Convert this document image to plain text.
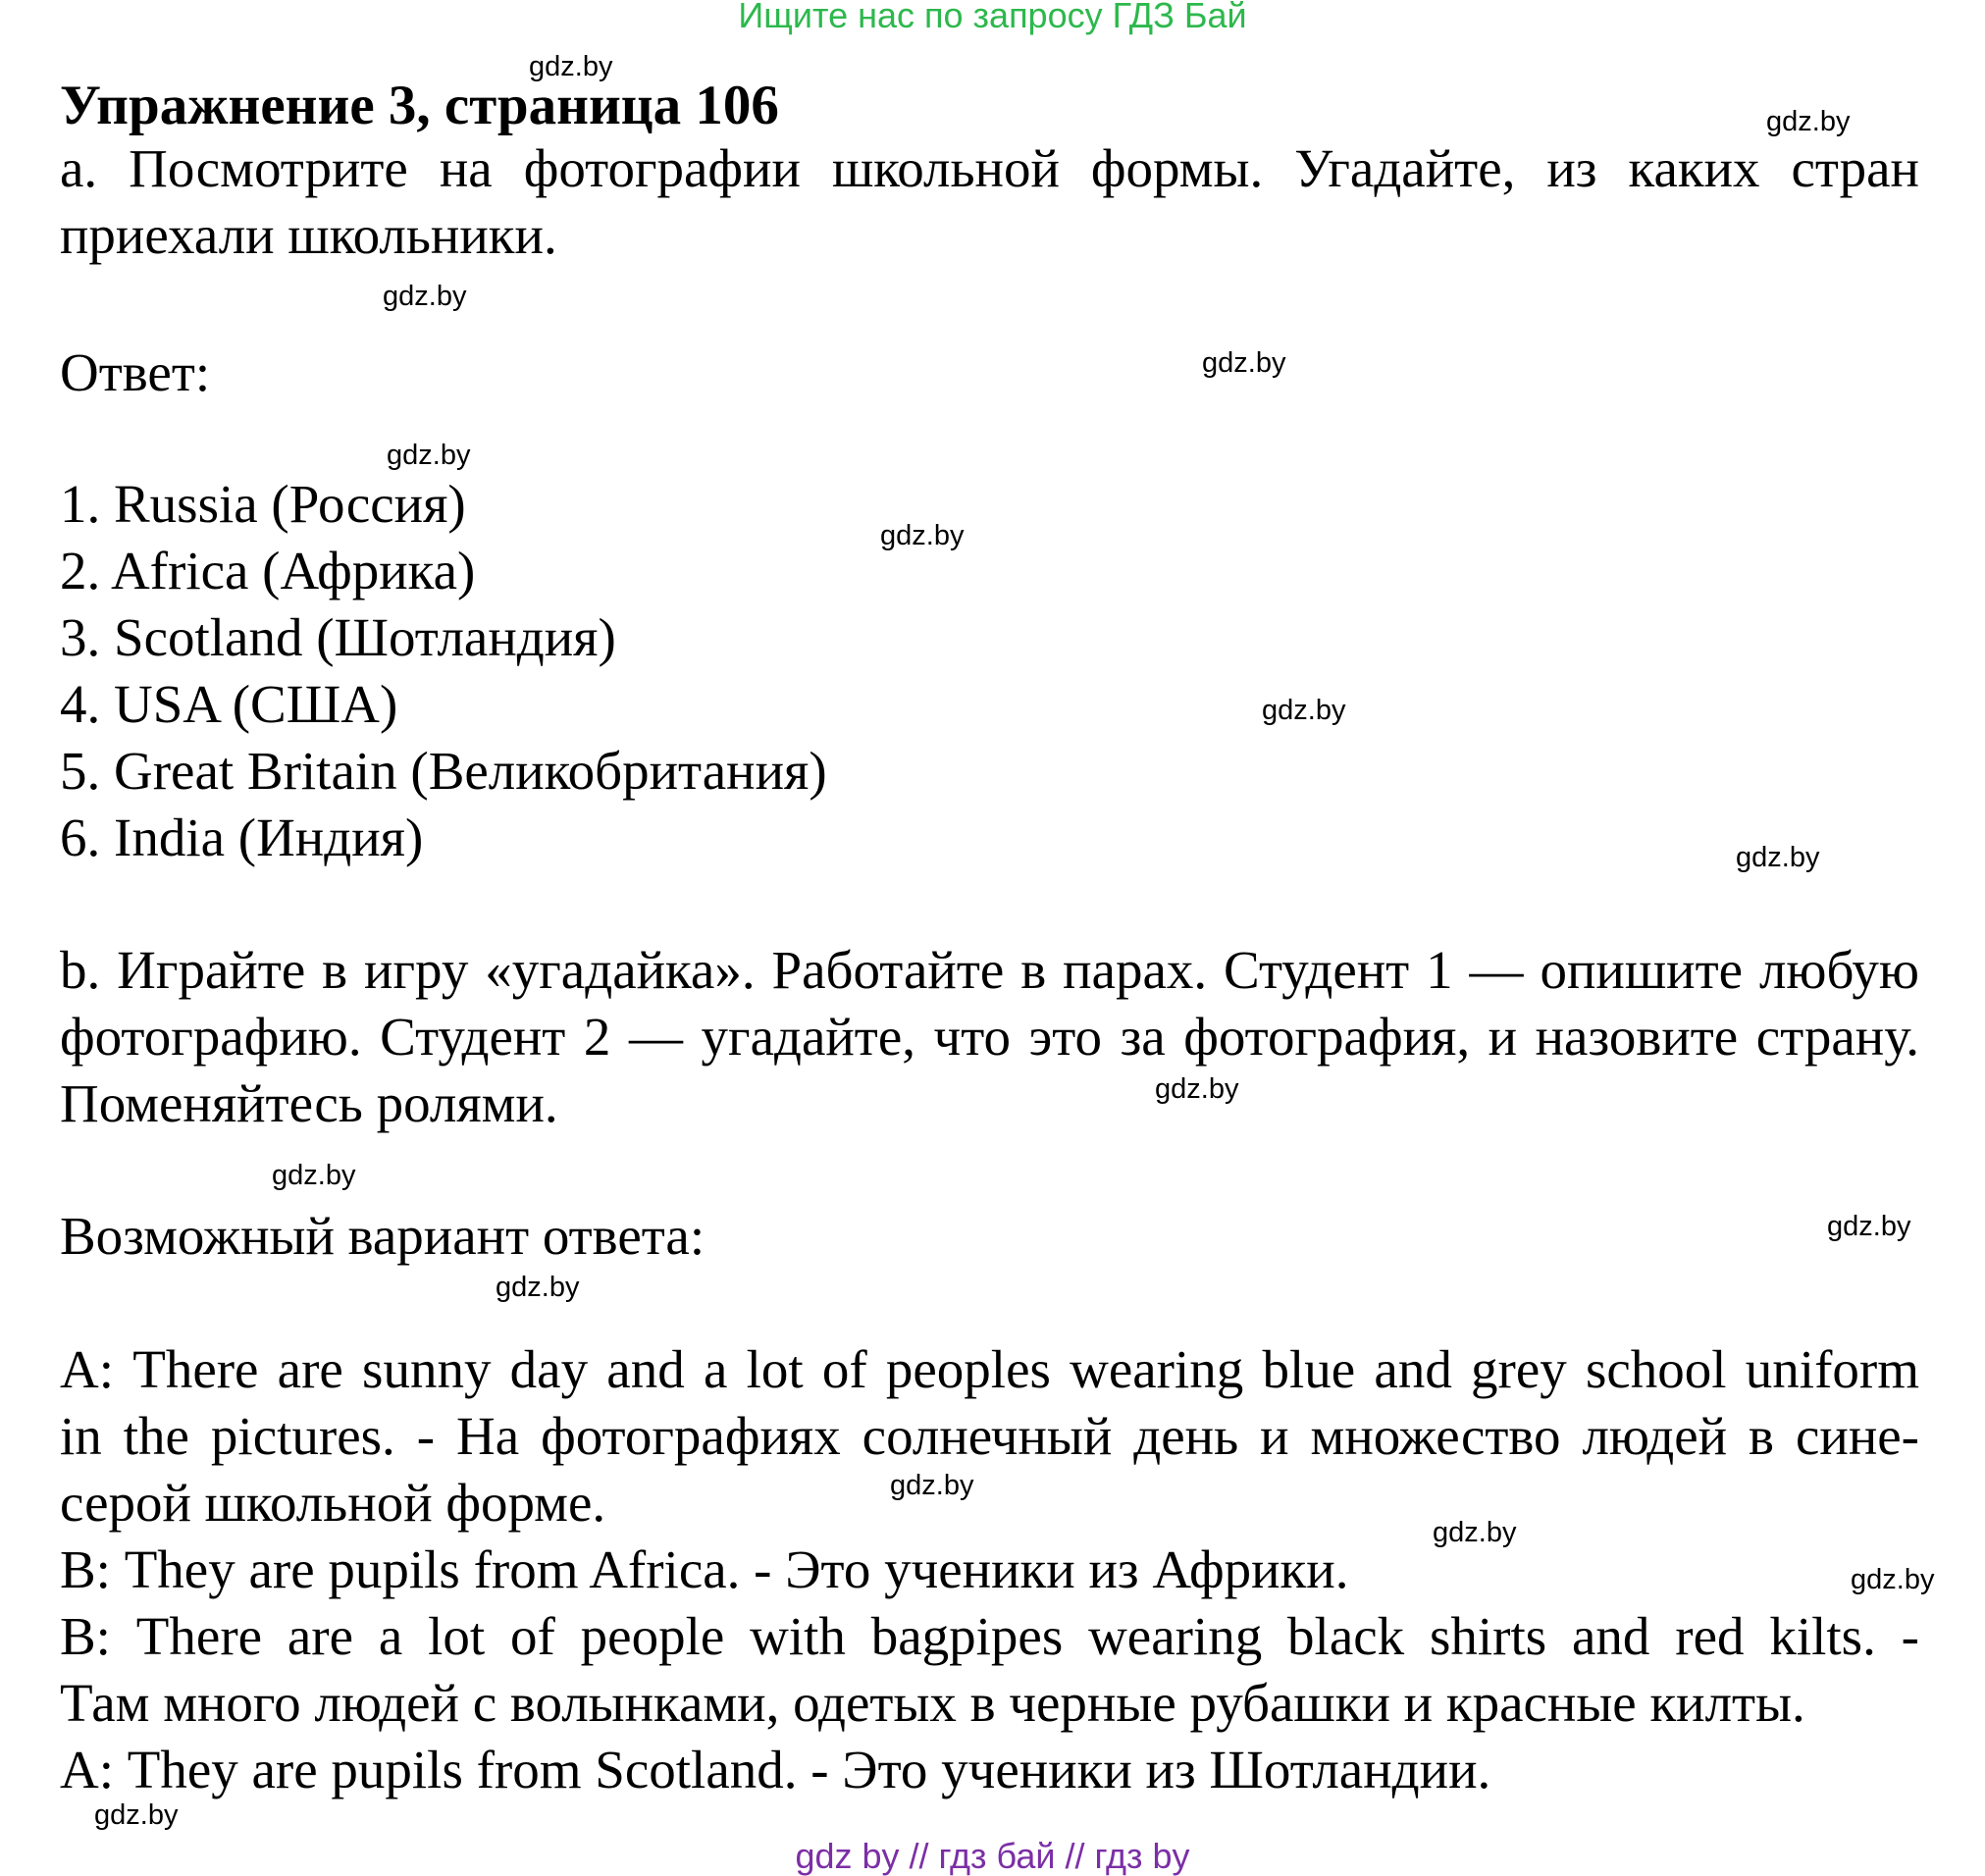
Ищите нас по запросу ГДЗ Бай
Упражнение 3, страница 106
а. Посмотрите на фотографии школьной формы. Угадайте, из каких стран приехали школьники.
Ответ:
1. Russia (Россия)
2. Africa (Африка)
3. Scotland (Шотландия)
4. USA (США)
5. Great Britain (Великобритания)
6. India (Индия)
b. Играйте в игру «угадайка». Работайте в парах. Студент 1 — опишите любую фотографию. Студент 2 — угадайте, что это за фотография, и назовите страну. Поменяйтесь ролями.
Возможный вариант ответа:
А: There are sunny day and a lot of peoples wearing blue and grey school uniform
in the pictures. - На фотографиях солнечный день и множество людей в сине-
серой школьной форме.
В: They are pupils from Africa. - Это ученики из Африки.
В: There are a lot of people with bagpipes wearing black shirts and red kilts. -
Там много людей с волынками, одетых в черные рубашки и красные килты.
А: They are pupils from Scotland. - Это ученики из Шотландии.
gdz.by
gdz.by
gdz.by
gdz.by
gdz.by
gdz.by
gdz.by
gdz.by
gdz.by
gdz.by
gdz.by
gdz.by
gdz.by
gdz.by
gdz.by
gdz.by
gdz by // гдз бай // гдз by
